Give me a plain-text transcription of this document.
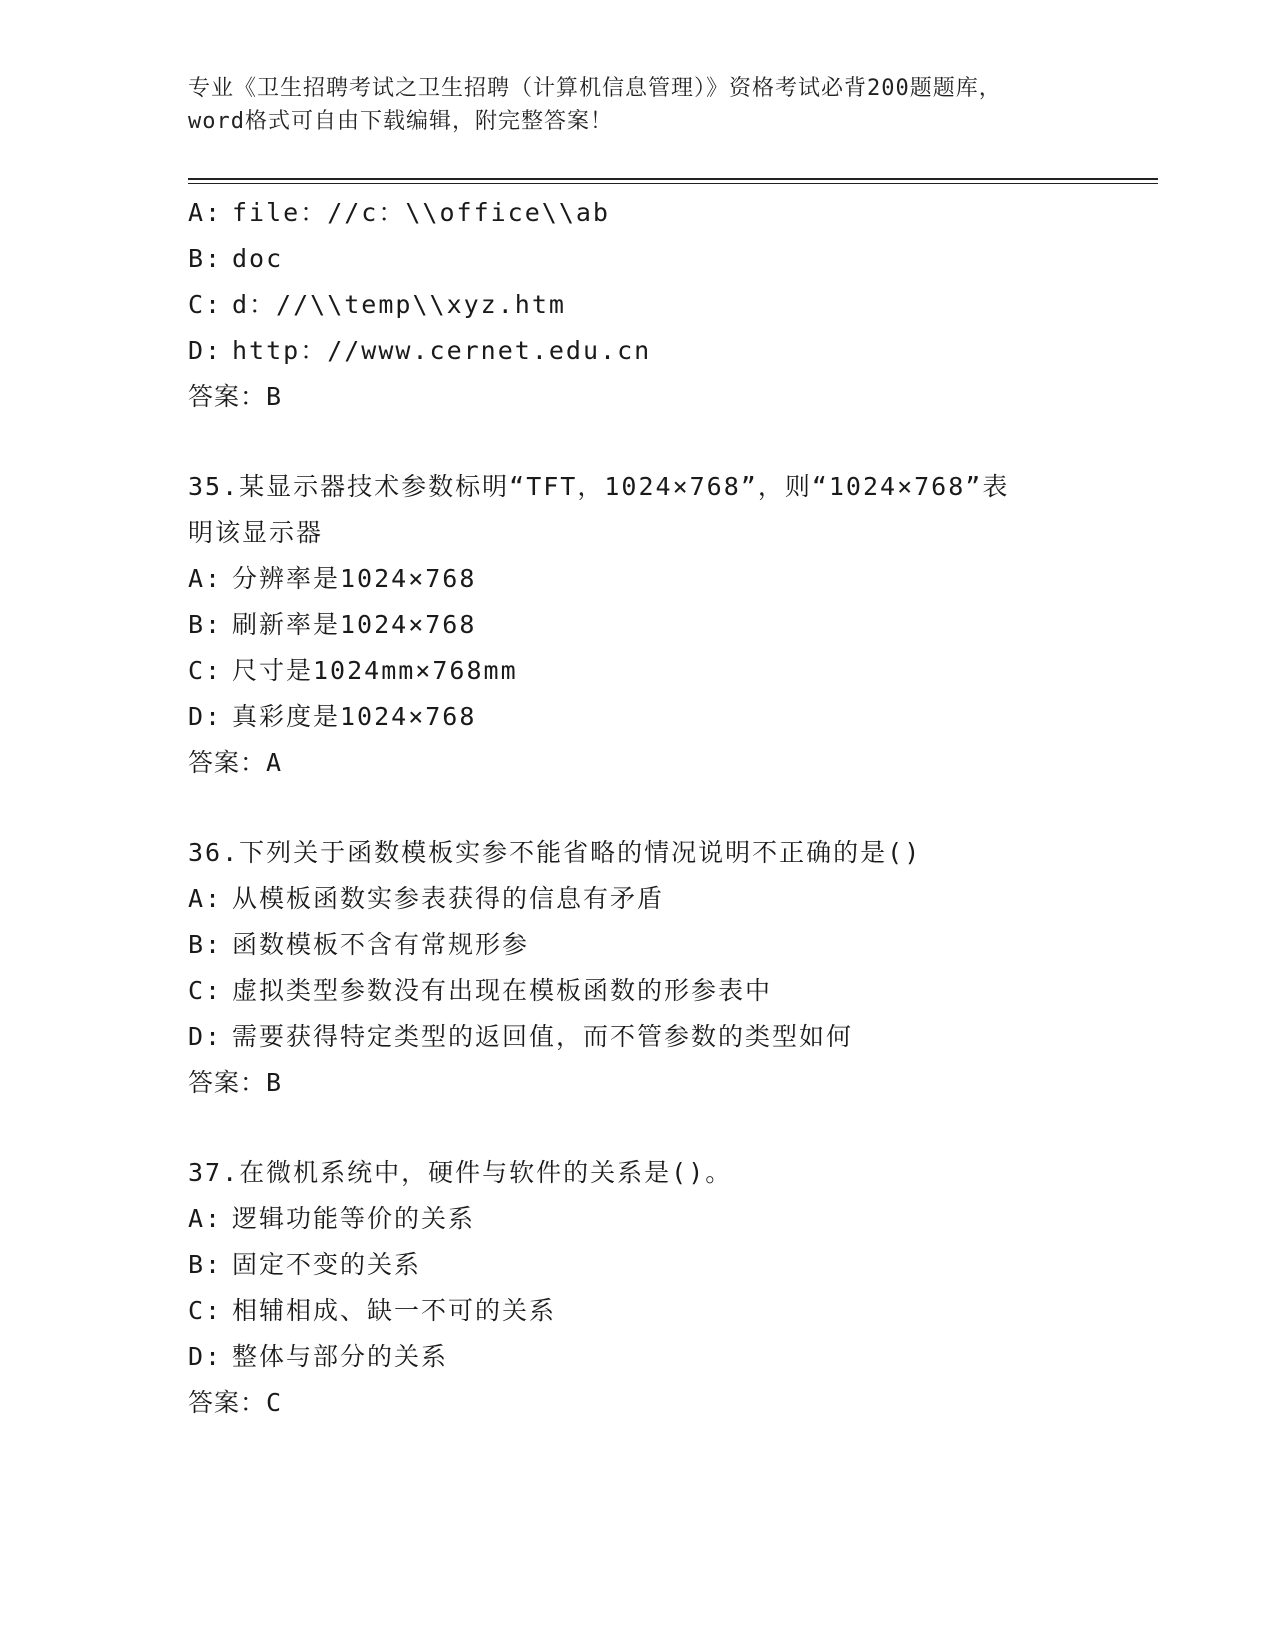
专业《卫生招聘考试之卫生招聘（计算机信息管理）》资格考试必背200题题库，

word格式可自由下载编辑，附完整答案！

A: file：//c：\\office\\ab

B: doc

C: d：//\\temp\\xyz.htm

D: http：//www.cernet.edu.cn

答案：B

35.某显示器技术参数标明“TFT，1024×768”，则“1024×768”表

明该显示器

A: 分辨率是1024×768

B: 刷新率是1024×768

C: 尺寸是1024mm×768mm

D: 真彩度是1024×768

答案：A

36.下列关于函数模板实参不能省略的情况说明不正确的是()

A: 从模板函数实参表获得的信息有矛盾

B: 函数模板不含有常规形参

C: 虚拟类型参数没有出现在模板函数的形参表中

D: 需要获得特定类型的返回值，而不管参数的类型如何

答案：B

37.在微机系统中，硬件与软件的关系是()。

A: 逻辑功能等价的关系

B: 固定不变的关系

C: 相辅相成、缺一不可的关系

D: 整体与部分的关系

答案：C
